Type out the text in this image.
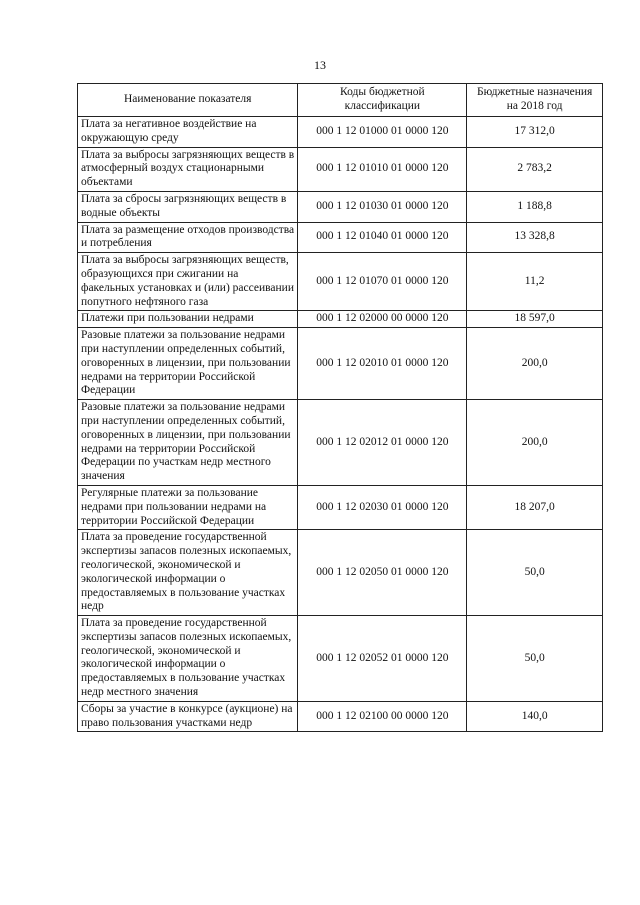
13
Наименование показателя	Коды бюджетной классификации	Бюджетные назначения на 2018 год
Плата за негативное воздействие на окружающую среду	000 1 12 01000 01 0000 120	17 312,0
Плата за выбросы загрязняющих веществ в атмосферный воздух стационарными объектами	000 1 12 01010 01 0000 120	2 783,2
Плата за сбросы загрязняющих веществ в водные объекты	000 1 12 01030 01 0000 120	1 188,8
Плата за размещение отходов производства и потребления	000 1 12 01040 01 0000 120	13 328,8
Плата за выбросы загрязняющих веществ, образующихся при сжигании на факельных установках и (или) рассеивании попутного нефтяного газа	000 1 12 01070 01 0000 120	11,2
Платежи при пользовании недрами	000 1 12 02000 00 0000 120	18 597,0
Разовые платежи за пользование недрами при наступлении определенных событий, оговоренных в лицензии, при пользовании недрами на территории Российской Федерации	000 1 12 02010 01 0000 120	200,0
Разовые платежи за пользование недрами при наступлении определенных событий, оговоренных в лицензии, при пользовании недрами на территории Российской Федерации по участкам недр местного значения	000 1 12 02012 01 0000 120	200,0
Регулярные платежи за пользование недрами при пользовании недрами на территории Российской Федерации	000 1 12 02030 01 0000 120	18 207,0
Плата за проведение государственной экспертизы запасов полезных ископаемых, геологической, экономической и экологической информации о предоставляемых в пользование участках недр	000 1 12 02050 01 0000 120	50,0
Плата за проведение государственной экспертизы запасов полезных ископаемых, геологической, экономической и экологической информации о предоставляемых в пользование участках недр местного значения	000 1 12 02052 01 0000 120	50,0
Сборы за участие в конкурсе (аукционе) на право пользования участками недр	000 1 12 02100 00 0000 120	140,0
